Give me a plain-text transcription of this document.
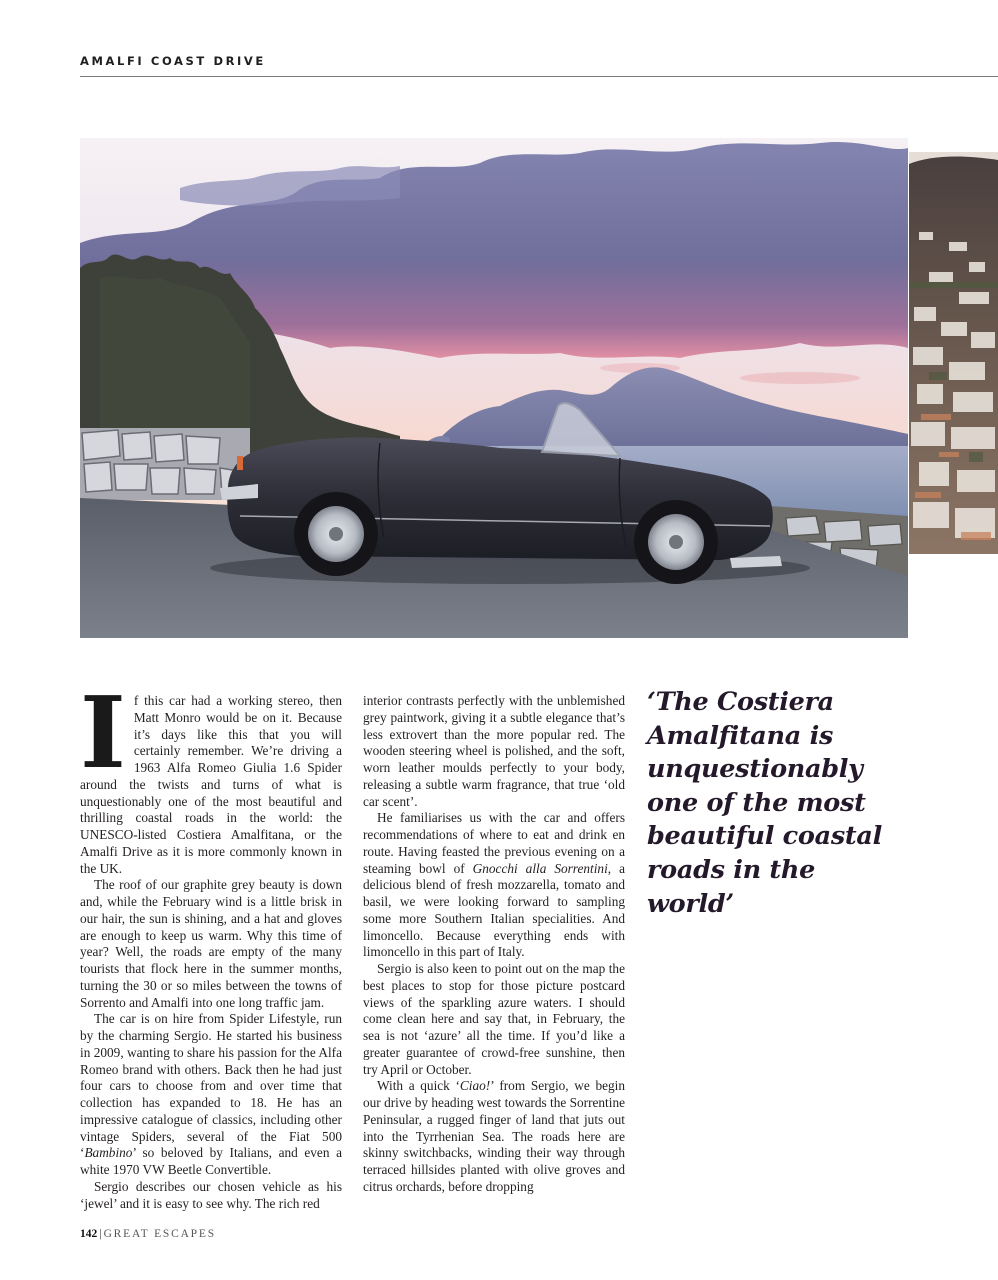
AMALFI COAST DRIVE

If this car had a working stereo, then Matt Monro would be on it. Because it’s days like this that you will certainly remember. We’re driving a 1963 Alfa Romeo Giulia 1.6 Spider around the twists and turns of what is unquestionably one of the most beautiful and thrilling coastal roads in the world: the UNESCO-listed Costiera Amalfitana, or the Amalfi Drive as it is more commonly known in the UK.

The roof of our graphite grey beauty is down and, while the February wind is a little brisk in our hair, the sun is shining, and a hat and gloves are enough to keep us warm. Why this time of year? Well, the roads are empty of the many tourists that flock here in the summer months, turning the 30 or so miles between the towns of Sorrento and Amalfi into one long traffic jam.

The car is on hire from Spider Lifestyle, run by the charming Sergio. He started his business in 2009, wanting to share his passion for the Alfa Romeo brand with others. Back then he had just four cars to choose from and over time that collection has expanded to 18. He has an impressive catalogue of classics, including other vintage Spiders, several of the Fiat 500 ‘Bambino’ so beloved by Italians, and even a white 1970 VW Beetle Convertible.

Sergio describes our chosen vehicle as his ‘jewel’ and it is easy to see why. The rich red

interior contrasts perfectly with the unblemished grey paintwork, giving it a subtle elegance that’s less extrovert than the more popular red. The wooden steering wheel is polished, and the soft, worn leather moulds perfectly to your body, releasing a subtle warm fragrance, that true ‘old car scent’.

He familiarises us with the car and offers recommendations of where to eat and drink en route. Having feasted the previous evening on a steaming bowl of Gnocchi alla Sorrentini, a delicious blend of fresh mozzarella, tomato and basil, we were looking forward to sampling some more Southern Italian specialities. And limoncello. Because everything ends with limoncello in this part of Italy.

Sergio is also keen to point out on the map the best places to stop for those picture postcard views of the sparkling azure waters. I should come clean here and say that, in February, the sea is not ‘azure’ all the time. If you’d like a greater guarantee of crowd-free sunshine, then try April or October.

With a quick ‘Ciao!’ from Sergio, we begin our drive by heading west towards the Sorrentine Peninsular, a rugged finger of land that juts out into the Tyrrhenian Sea. The roads here are skinny switchbacks, winding their way through terraced hillsides planted with olive groves and citrus orchards, before dropping

‘The Costiera Amalfitana is unquestionably one of the most beautiful coastal roads in the world’
142 | GREAT ESCAPES
